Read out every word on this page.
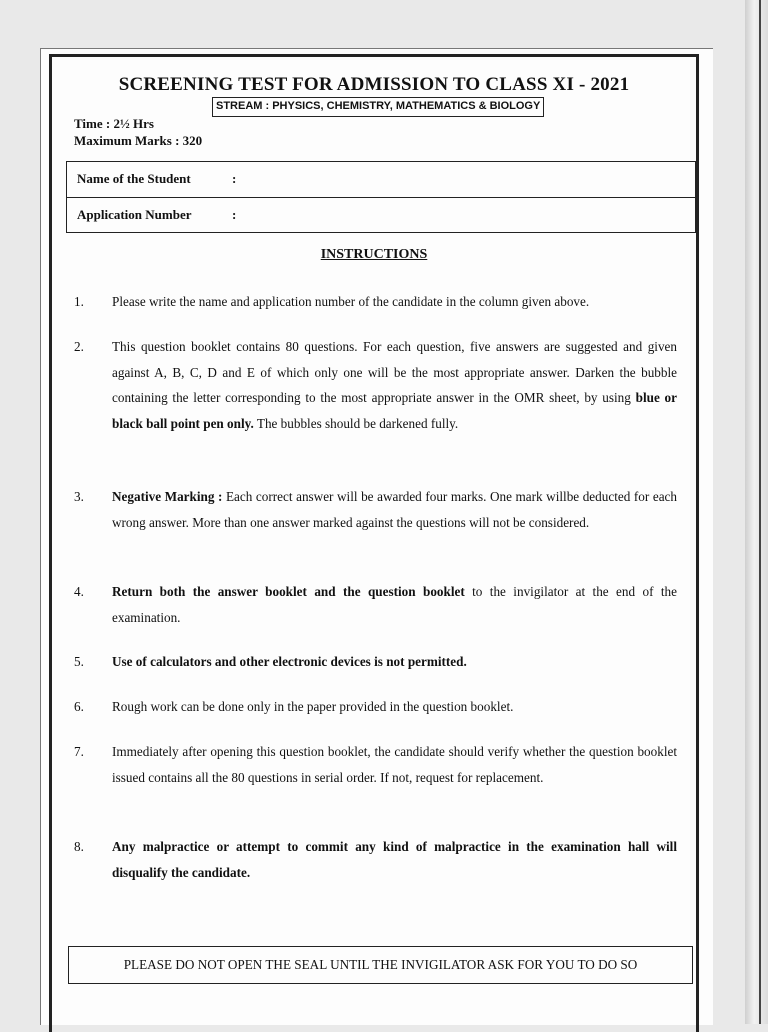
SCREENING TEST FOR ADMISSION TO CLASS XI - 2021
STREAM : PHYSICS, CHEMISTRY, MATHEMATICS & BIOLOGY
Time : 2½ Hrs
Maximum Marks : 320
Name of the Student	:
Application Number	:
INSTRUCTIONS
1. Please write the name and application number of the candidate in the column given above.
2. This question booklet contains 80 questions. For each question, five answers are suggested and given against A, B, C, D and E of which only one will be the most appropriate answer. Darken the bubble containing the letter corresponding to the most appropriate answer in the OMR sheet, by using blue or black ball point pen only. The bubbles should be darkened fully.
3. Negative Marking : Each correct answer will be awarded four marks. One mark willbe deducted for each wrong answer. More than one answer marked against the questions will not be considered.
4. Return both the answer booklet and the question booklet to the invigilator at the end of the examination.
5. Use of calculators and other electronic devices is not permitted.
6. Rough work can be done only in the paper provided in the question booklet.
7. Immediately after opening this question booklet, the candidate should verify whether the question booklet issued contains all the 80 questions in serial order. If not, request for replacement.
8. Any malpractice or attempt to commit any kind of malpractice in the examination hall will disqualify the candidate.
PLEASE DO NOT OPEN THE SEAL UNTIL THE INVIGILATOR ASK FOR YOU TO DO SO
